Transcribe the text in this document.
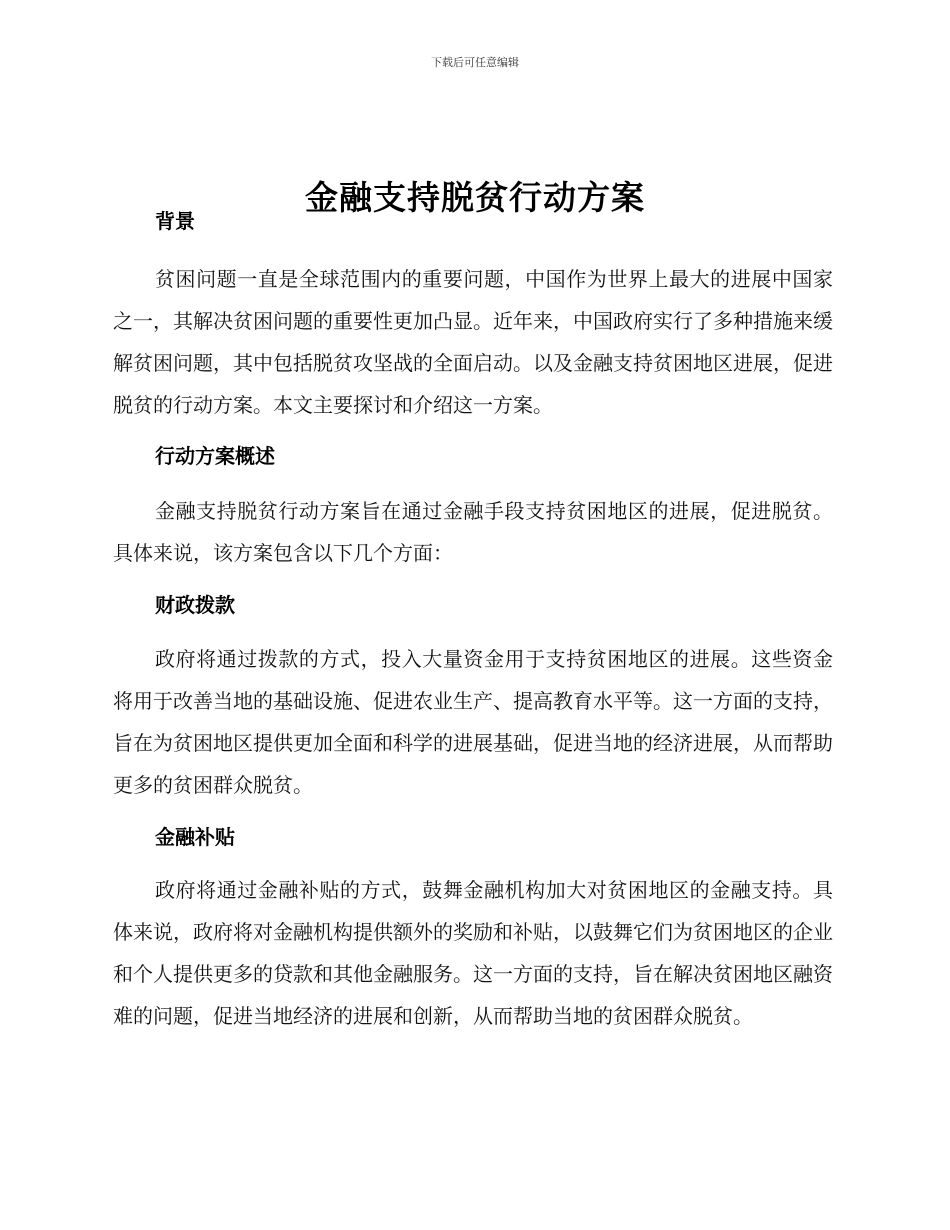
下载后可任意编辑
金融支持脱贫行动方案
背景

贫困问题一直是全球范围内的重要问题，中国作为世界上最大的进展中国家之一，其解决贫困问题的重要性更加凸显。近年来，中国政府实行了多种措施来缓解贫困问题，其中包括脱贫攻坚战的全面启动。以及金融支持贫困地区进展，促进脱贫的行动方案。本文主要探讨和介绍这一方案。

行动方案概述

金融支持脱贫行动方案旨在通过金融手段支持贫困地区的进展，促进脱贫。具体来说，该方案包含以下几个方面：

财政拨款

政府将通过拨款的方式，投入大量资金用于支持贫困地区的进展。这些资金将用于改善当地的基础设施、促进农业生产、提高教育水平等。这一方面的支持，旨在为贫困地区提供更加全面和科学的进展基础，促进当地的经济进展，从而帮助更多的贫困群众脱贫。

金融补贴

政府将通过金融补贴的方式，鼓舞金融机构加大对贫困地区的金融支持。具体来说，政府将对金融机构提供额外的奖励和补贴，以鼓舞它们为贫困地区的企业和个人提供更多的贷款和其他金融服务。这一方面的支持，旨在解决贫困地区融资难的问题，促进当地经济的进展和创新，从而帮助当地的贫困群众脱贫。
